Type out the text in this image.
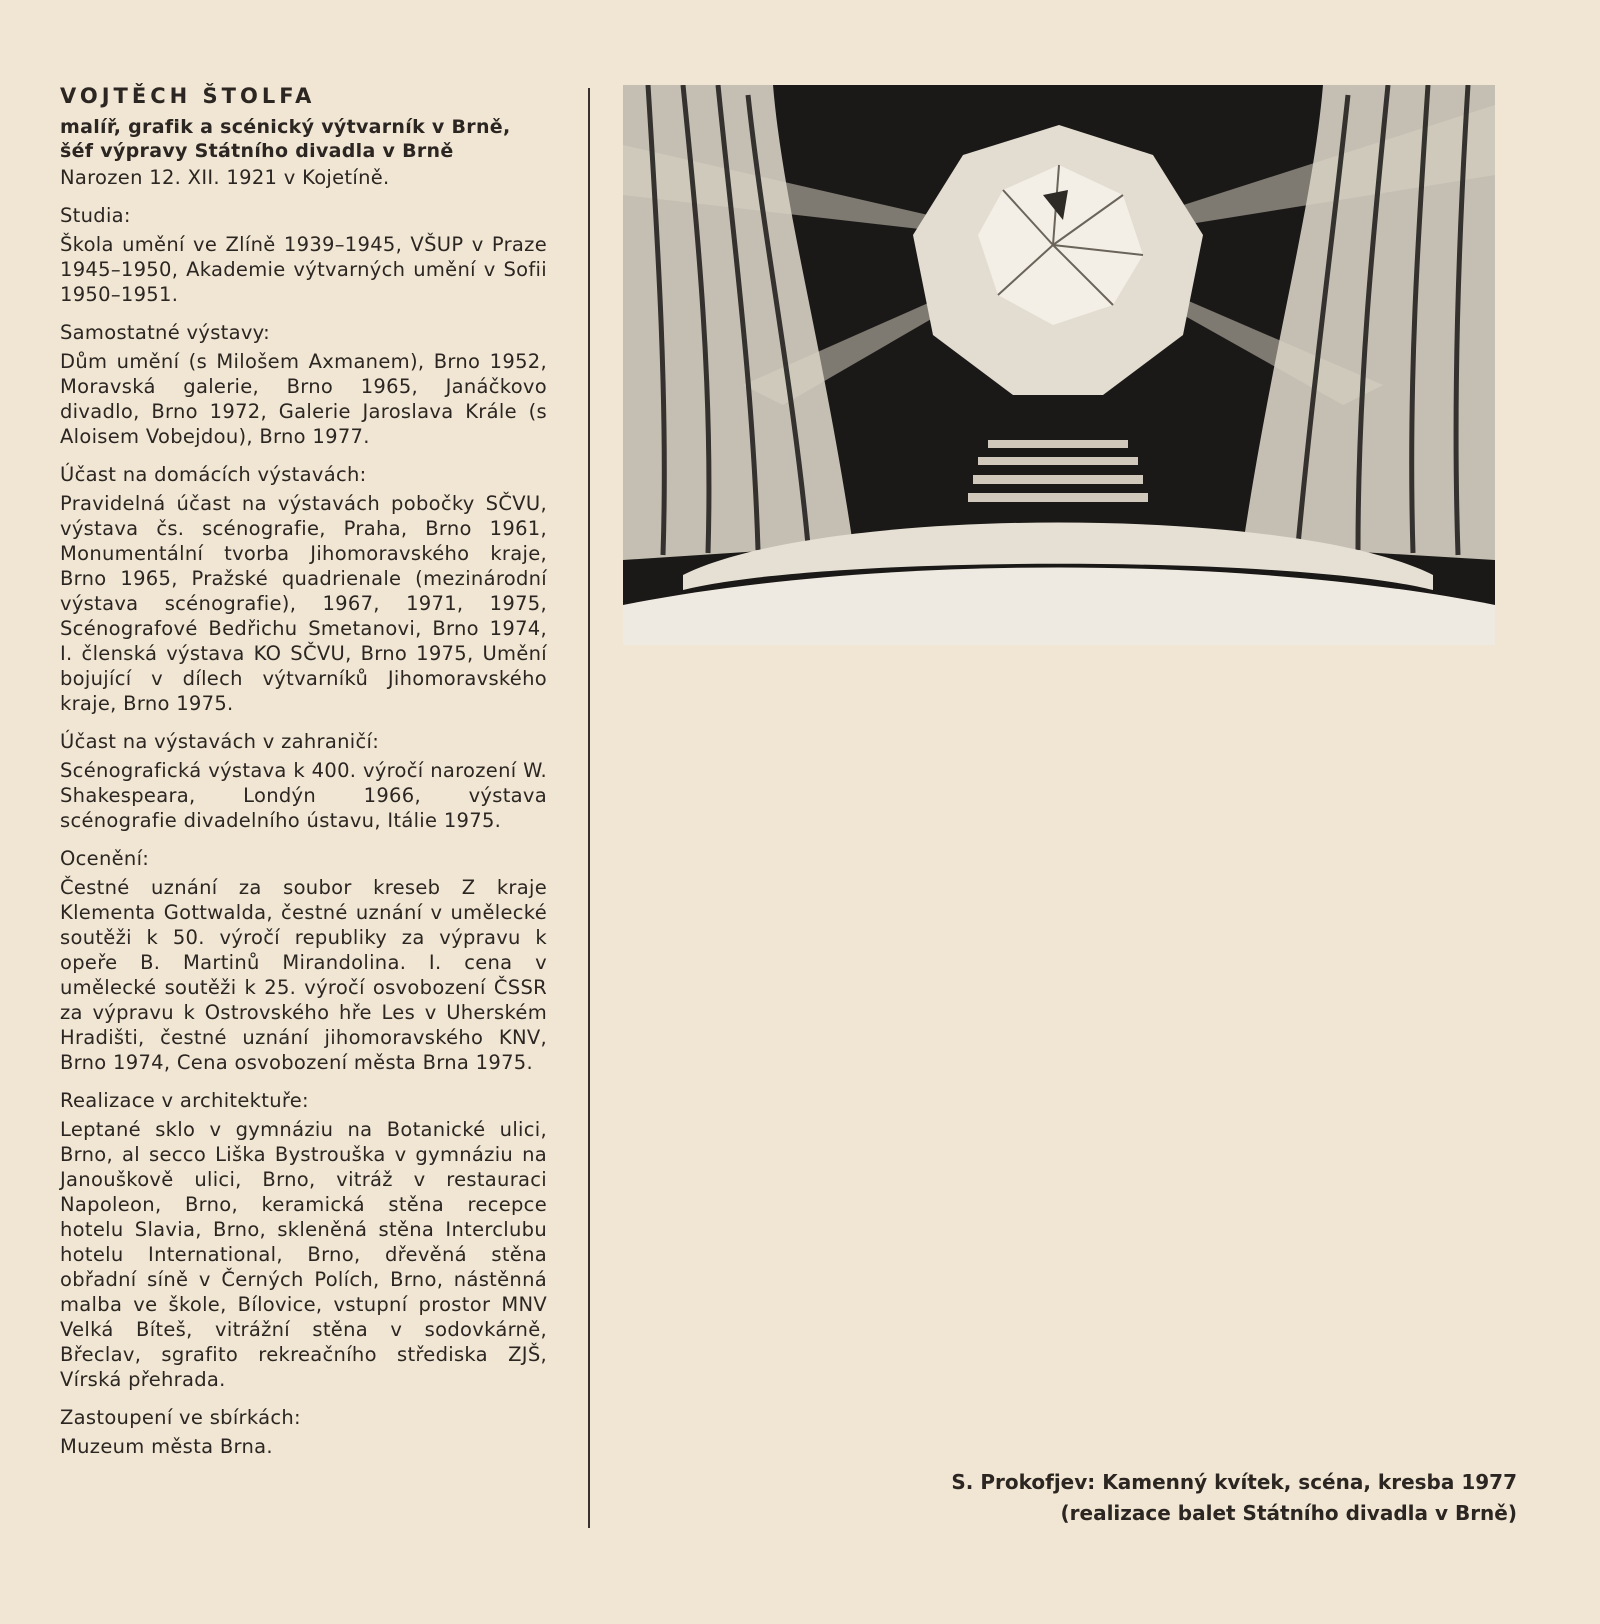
VOJTĚCH ŠTOLFA
malíř, grafik a scénický výtvarník v Brně,
šéf výpravy Státního divadla v Brně
Narozen 12. XII. 1921 v Kojetíně.
Studia:
Škola umění ve Zlíně 1939–1945, VŠUP v Praze 1945–1950, Akademie výtvarných umění v Sofii 1950–1951.
Samostatné výstavy:
Dům umění (s Milošem Axmanem), Brno 1952, Moravská galerie, Brno 1965, Janáčkovo divadlo, Brno 1972, Galerie Jaroslava Krále (s Aloisem Vobejdou), Brno 1977.
Účast na domácích výstavách:
Pravidelná účast na výstavách pobočky SČVU, výstava čs. scénografie, Praha, Brno 1961, Monumentální tvorba Jihomoravského kraje, Brno 1965, Pražské quadrienale (mezinárodní výstava scénografie), 1967, 1971, 1975, Scénografové Bedřichu Smetanovi, Brno 1974, I. členská výstava KO SČVU, Brno 1975, Umění bojující v dílech výtvarníků Jihomoravského kraje, Brno 1975.
Účast na výstavách v zahraničí:
Scénografická výstava k 400. výročí narození W. Shakespeara, Londýn 1966, výstava scénografie divadelního ústavu, Itálie 1975.
Ocenění:
Čestné uznání za soubor kreseb Z kraje Klementa Gottwalda, čestné uznání v umělecké soutěži k 50. výročí republiky za výpravu k opeře B. Martinů Mirandolina. I. cena v umělecké soutěži k 25. výročí osvobození ČSSR za výpravu k Ostrovského hře Les v Uherském Hradišti, čestné uznání jihomoravského KNV, Brno 1974, Cena osvobození města Brna 1975.
Realizace v architektuře:
Leptané sklo v gymnáziu na Botanické ulici, Brno, al secco Liška Bystrouška v gymnáziu na Janouškově ulici, Brno, vitráž v restauraci Napoleon, Brno, keramická stěna recepce hotelu Slavia, Brno, skleněná stěna Interclubu hotelu International, Brno, dřevěná stěna obřadní síně v Černých Polích, Brno, nástěnná malba ve škole, Bílovice, vstupní prostor MNV Velká Bíteš, vitrážní stěna v sodovkárně, Břeclav, sgrafito rekreačního střediska ZJŠ, Vírská přehrada.
Zastoupení ve sbírkách:
Muzeum města Brna.
S. Prokofjev: Kamenný kvítek, scéna, kresba 1977
(realizace balet Státního divadla v Brně)
